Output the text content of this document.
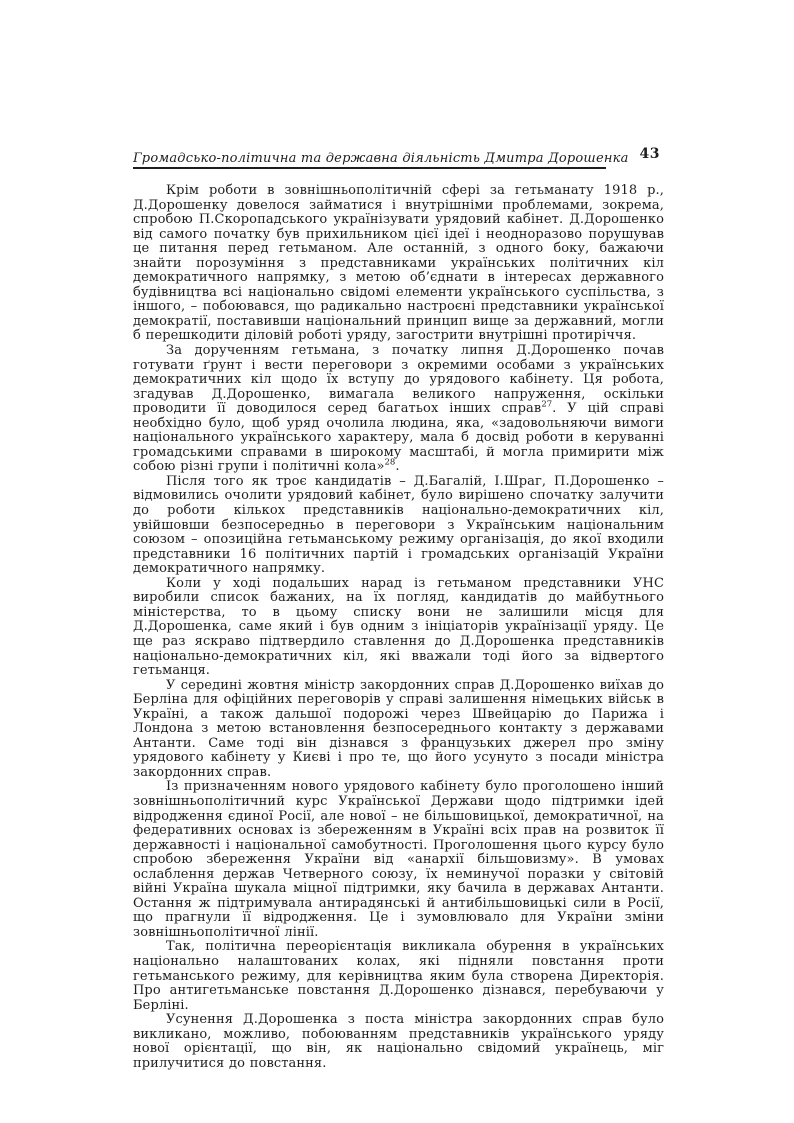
Громадсько-політична та державна діяльність Дмитра Дорошенка 43

Крім роботи в зовнішньополітичній сфері за гетьманату 1918 р., Д.Дорошенку довелося займатися і внутрішніми проблемами, зокрема, спробою П.Скоропадського українізувати урядовий кабінет. Д.Дорошенко від самого початку був прихильником цієї ідеї і неодноразово порушував це питання перед гетьманом. Але останній, з одного боку, бажаючи знайти порозуміння з представниками українських політичних кіл демократичного напрямку, з метою об’єднати в інтересах державного будівництва всі національно свідомі елементи українського суспільства, з іншого, – побоювався, що радикально настроєні представники української демократії, поставивши національний принцип вище за державний, могли б перешкодити діловій роботі уряду, загострити внутрішні протиріччя.

За дорученням гетьмана, з початку липня Д.Дорошенко почав готувати ґрунт і вести переговори з окремими особами з українських демократичних кіл щодо їх вступу до урядового кабінету. Ця робота, згадував Д.Дорошенко, вимагала великого напруження, оскільки проводити її доводилося серед багатьох інших справ$^{27}$. У цій справі необхідно було, щоб уряд очолила людина, яка, «задовольняючи вимоги національного українського характеру, мала б досвід роботи в керуванні громадськими справами в широкому масштабі, й могла примирити між собою різні групи і політичні кола»$^{28}$.

Після того як троє кандидатів – Д.Багалій, І.Шраг, П.Дорошенко – відмовились очолити урядовий кабінет, було вирішено спочатку залучити до роботи кількох представників національно-демократичних кіл, увійшовши безпосередньо в переговори з Українським національним союзом – опозиційна гетьманському режиму організація, до якої входили представники 16 політичних партій і громадських організацій України демократичного напрямку.

Коли у ході подальших нарад із гетьманом представники УНС виробили список бажаних, на їх погляд, кандидатів до майбутнього міністерства, то в цьому списку вони не залишили місця для Д.Дорошенка, саме який і був одним з ініціаторів українізації уряду. Це ще раз яскраво підтвердило ставлення до Д.Дорошенка представників національно-демократичних кіл, які вважали тоді його за відвертого гетьманця.

У середині жовтня міністр закордонних справ Д.Дорошенко виїхав до Берліна для офіційних переговорів у справі залишення німецьких військ в Україні, а також дальшої подорожі через Швейцарію до Парижа і Лондона з метою встановлення безпосереднього контакту з державами Антанти. Саме тоді він дізнався з французьких джерел про зміну урядового кабінету у Києві і про те, що його усунуто з посади міністра закордонних справ.

Із призначенням нового урядового кабінету було проголошено інший зовнішньополітичний курс Української Держави щодо підтримки ідей відродження єдиної Росії, але нової – не більшовицької, демократичної, на федеративних основах із збереженням в Україні всіх прав на розвиток її державності і національної самобутності. Проголошення цього курсу було спробою збереження України від «анархії більшовизму». В умовах ослаблення держав Четверного союзу, їх неминучої поразки у світовій війні Україна шукала міцної підтримки, яку бачила в державах Антанти. Остання ж підтримувала антирадянські й антибільшовицькі сили в Росії, що прагнули її відродження. Це і зумовлювало для України зміни зовнішньополітичної лінії.

Так, політична переорієнтація викликала обурення в українських національно налаштованих колах, які підняли повстання проти гетьманського режиму, для керівництва яким була створена Директорія. Про антигетьманське повстання Д.Дорошенко дізнався, перебуваючи у Берліні.

Усунення Д.Дорошенка з поста міністра закордонних справ було викликано, можливо, побоюванням представників українського уряду нової орієнтації, що він, як національно свідомий українець, міг прилучитися до повстання.
